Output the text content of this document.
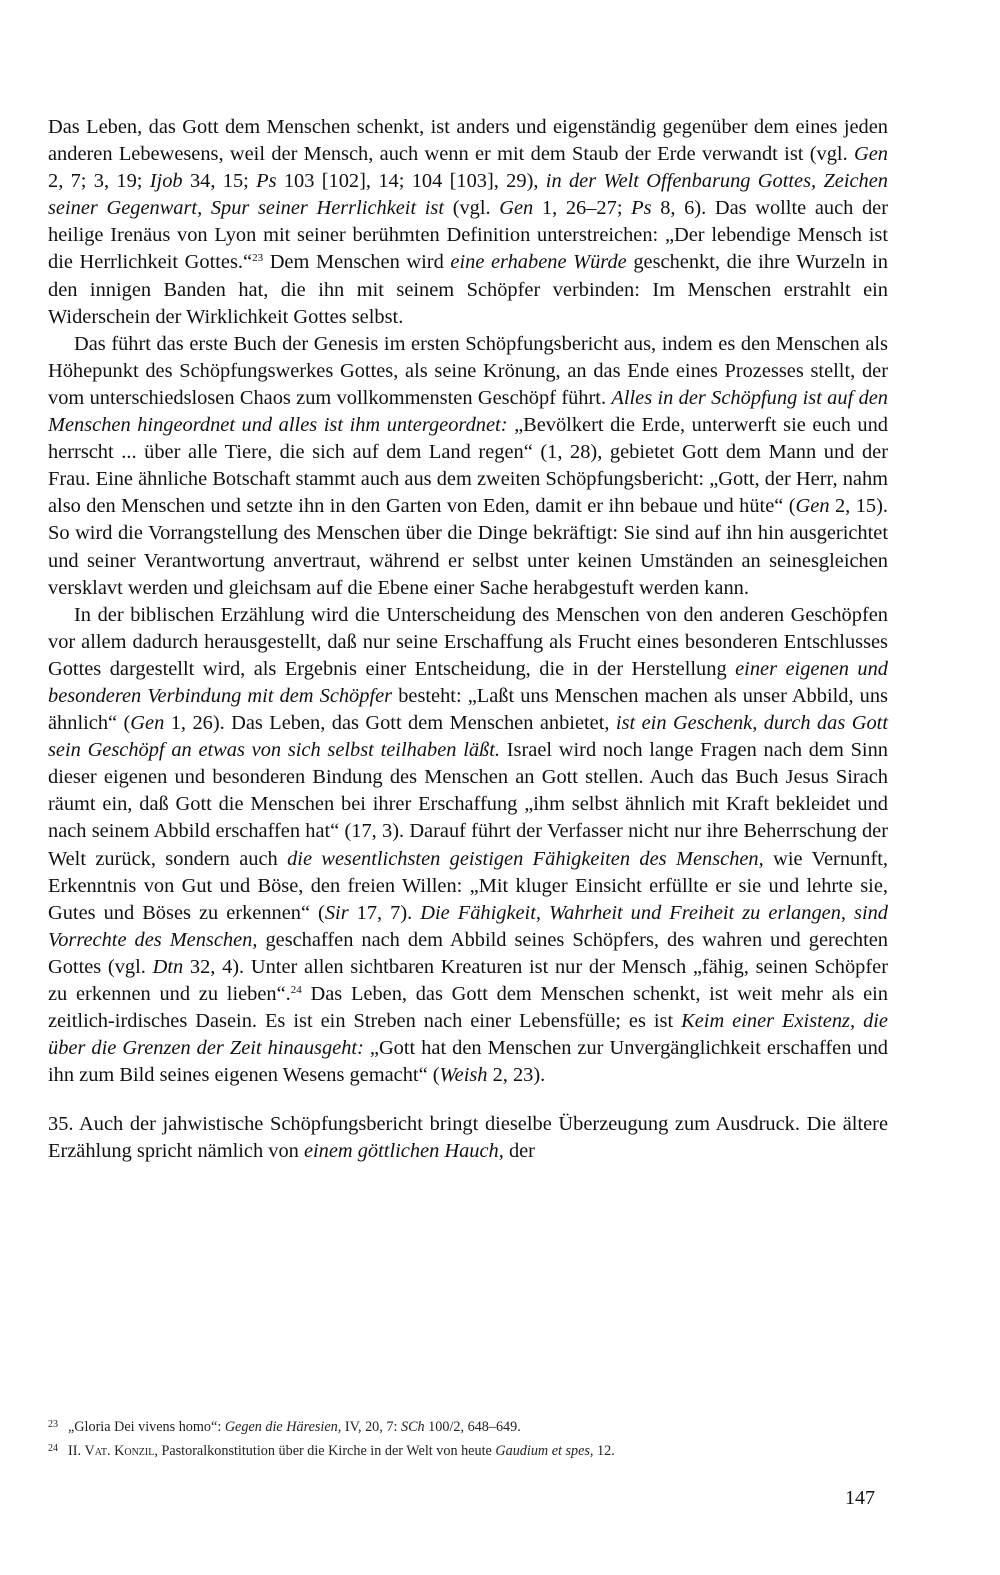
Das Leben, das Gott dem Menschen schenkt, ist anders und eigenständig gegenüber dem eines jeden anderen Lebewesens, weil der Mensch, auch wenn er mit dem Staub der Erde verwandt ist (vgl. Gen 2, 7; 3, 19; Ijob 34, 15; Ps 103 [102], 14; 104 [103], 29), in der Welt Offenbarung Gottes, Zeichen seiner Gegenwart, Spur seiner Herrlichkeit ist (vgl. Gen 1, 26–27; Ps 8, 6). Das wollte auch der heilige Irenäus von Lyon mit seiner berühmten Definition unterstreichen: „Der lebendige Mensch ist die Herrlichkeit Gottes.“$^{23}$ Dem Menschen wird eine erhabene Würde geschenkt, die ihre Wurzeln in den innigen Banden hat, die ihn mit seinem Schöpfer verbinden: Im Menschen erstrahlt ein Widerschein der Wirklichkeit Gottes selbst.

Das führt das erste Buch der Genesis im ersten Schöpfungsbericht aus, indem es den Menschen als Höhepunkt des Schöpfungswerkes Gottes, als seine Krönung, an das Ende eines Prozesses stellt, der vom unterschiedslosen Chaos zum vollkommensten Geschöpf führt. Alles in der Schöpfung ist auf den Menschen hingeordnet und alles ist ihm untergeordnet: „Bevölkert die Erde, unterwerft sie euch und herrscht ... über alle Tiere, die sich auf dem Land regen“ (1, 28), gebietet Gott dem Mann und der Frau. Eine ähnliche Botschaft stammt auch aus dem zweiten Schöpfungsbericht: „Gott, der Herr, nahm also den Menschen und setzte ihn in den Garten von Eden, damit er ihn bebaue und hüte“ (Gen 2, 15). So wird die Vorrangstellung des Menschen über die Dinge bekräftigt: Sie sind auf ihn hin ausgerichtet und seiner Verantwortung anvertraut, während er selbst unter keinen Umständen an seinesgleichen versklavt werden und gleichsam auf die Ebene einer Sache herabgestuft werden kann.

In der biblischen Erzählung wird die Unterscheidung des Menschen von den anderen Geschöpfen vor allem dadurch herausgestellt, daß nur seine Erschaffung als Frucht eines besonderen Entschlusses Gottes dargestellt wird, als Ergebnis einer Entscheidung, die in der Herstellung einer eigenen und besonderen Verbindung mit dem Schöpfer besteht: „Laßt uns Menschen machen als unser Abbild, uns ähnlich“ (Gen 1, 26). Das Leben, das Gott dem Menschen anbietet, ist ein Geschenk, durch das Gott sein Geschöpf an etwas von sich selbst teilhaben läßt. Israel wird noch lange Fragen nach dem Sinn dieser eigenen und besonderen Bindung des Menschen an Gott stellen. Auch das Buch Jesus Sirach räumt ein, daß Gott die Menschen bei ihrer Erschaffung „ihm selbst ähnlich mit Kraft bekleidet und nach seinem Abbild erschaffen hat“ (17, 3). Darauf führt der Verfasser nicht nur ihre Beherrschung der Welt zurück, sondern auch die wesentlichsten geistigen Fähigkeiten des Menschen, wie Vernunft, Erkenntnis von Gut und Böse, den freien Willen: „Mit kluger Einsicht erfüllte er sie und lehrte sie, Gutes und Böses zu erkennen“ (Sir 17, 7). Die Fähigkeit, Wahrheit und Freiheit zu erlangen, sind Vorrechte des Menschen, geschaffen nach dem Abbild seines Schöpfers, des wahren und gerechten Gottes (vgl. Dtn 32, 4). Unter allen sichtbaren Kreaturen ist nur der Mensch „fähig, seinen Schöpfer zu erkennen und zu lieben“.$^{24}$ Das Leben, das Gott dem Menschen schenkt, ist weit mehr als ein zeitlich-irdisches Dasein. Es ist ein Streben nach einer Lebensfülle; es ist Keim einer Existenz, die über die Grenzen der Zeit hinausgeht: „Gott hat den Menschen zur Unvergänglichkeit erschaffen und ihn zum Bild seines eigenen Wesens gemacht“ (Weish 2, 23).

35. Auch der jahwistische Schöpfungsbericht bringt dieselbe Überzeugung zum Ausdruck. Die ältere Erzählung spricht nämlich von einem göttlichen Hauch, der

23 „Gloria Dei vivens homo“: Gegen die Häresien, IV, 20, 7: SCh 100/2, 648–649.

24 II. Vat. Konzil, Pastoralkonstitution über die Kirche in der Welt von heute Gaudium et spes, 12.

147
